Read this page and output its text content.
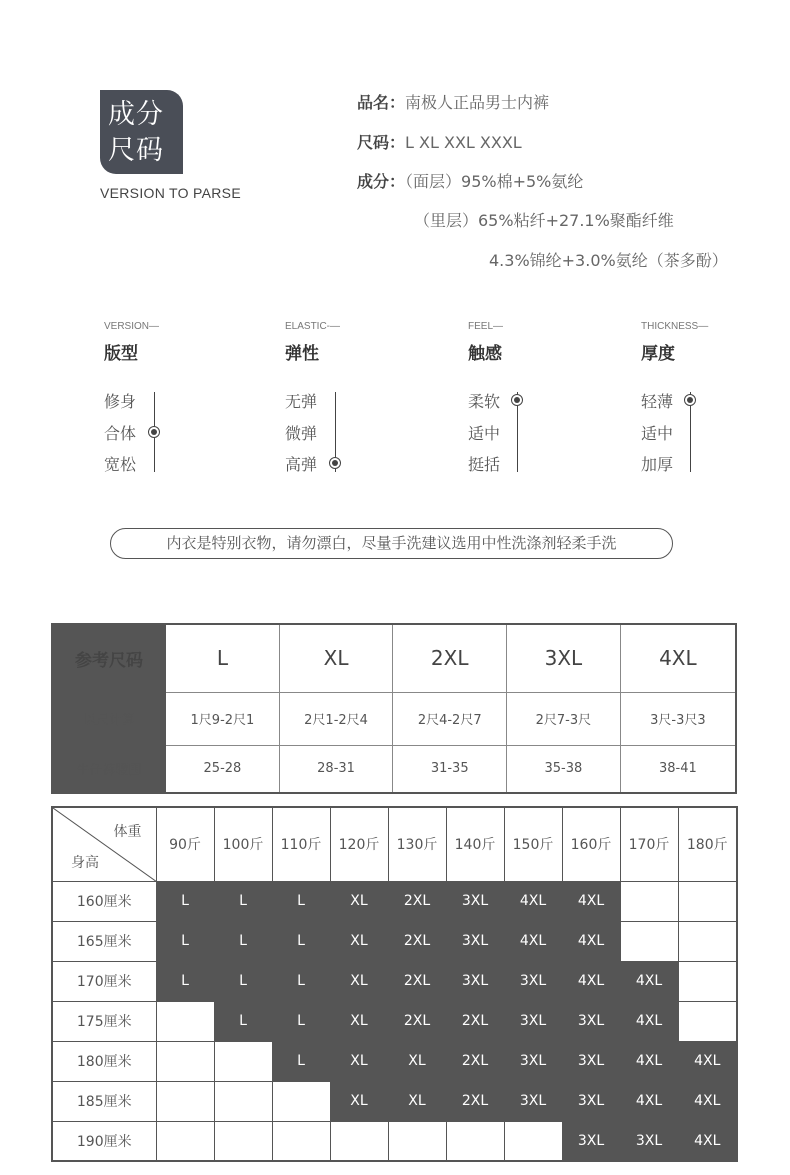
成分
尺码
VERSION TO PARSE
品名：南极人正品男士内裤
尺码：L XL XXL XXXL
成分：（面层）95%棉+5%氨纶
（里层）65%粘纤+27.1%聚酯纤维
4.3%锦纶+3.0%氨纶（茶多酚）
VERSION—
版型
修身
合体
宽松
ELASTIC-—
弹性
无弹
微弹
高弹
FEEL—
触感
柔软
适中
挺括
THICKNESS—
厚度
轻薄
适中
加厚
内衣是特别衣物，请勿漂白，尽量手洗建议选用中性洗涤剂轻柔手洗
参考尺码	L	XL	2XL	3XL	4XL
以尺计算	1尺9-2尺1	2尺1-2尺4	2尺4-2尺7	2尺7-3尺	3尺-3尺3
牛仔裤腰围	25-28	28-31	31-35	35-38	38-41
体重
身高	90斤	100斤	110斤	120斤	130斤	140斤	150斤	160斤	170斤	180斤
160厘米	L	L	L	XL	2XL	3XL	4XL	4XL		
165厘米	L	L	L	XL	2XL	3XL	4XL	4XL		
170厘米	L	L	L	XL	2XL	3XL	3XL	4XL	4XL	
175厘米		L	L	XL	2XL	2XL	3XL	3XL	4XL	
180厘米			L	XL	XL	2XL	3XL	3XL	4XL	4XL
185厘米				XL	XL	2XL	3XL	3XL	4XL	4XL
190厘米								3XL	3XL	4XL
